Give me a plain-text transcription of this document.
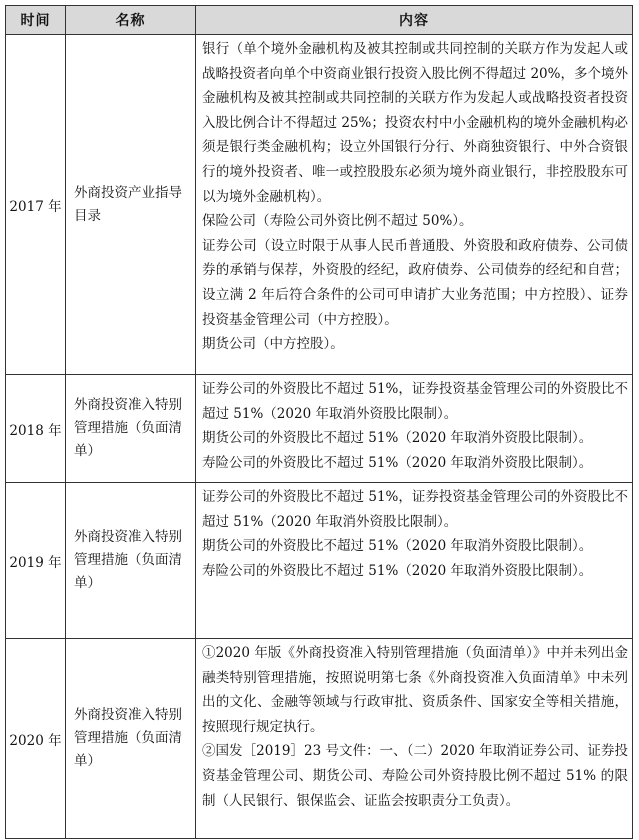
时间	名称	内容
2017 年	外商投资产业指导目录	银行（单个境外金融机构及被其控制或共同控制的关联方作为发起人或战略投资者向单个中资商业银行投资入股比例不得超过 20%，多个境外金融机构及被其控制或共同控制的关联方作为发起人或战略投资者投资入股比例合计不得超过 25%；投资农村中小金融机构的境外金融机构必须是银行类金融机构；设立外国银行分行、外商独资银行、中外合资银行的境外投资者、唯一或控股股东必须为境外商业银行，非控股股东可以为境外金融机构）。

保险公司（寿险公司外资比例不超过 50%）。

证券公司（设立时限于从事人民币普通股、外资股和政府债券、公司债券的承销与保荐，外资股的经纪，政府债券、公司债券的经纪和自营；设立满 2 年后符合条件的公司可申请扩大业务范围；中方控股）、证券投资基金管理公司（中方控股）。

期货公司（中方控股）。

2018 年	外商投资准入特别管理措施（负面清单）	证券公司的外资股比不超过 51%，证券投资基金管理公司的外资股比不超过 51%（2020 年取消外资股比限制）。

期货公司的外资股比不超过 51%（2020 年取消外资股比限制）。

寿险公司的外资股比不超过 51%（2020 年取消外资股比限制）。

2019 年	外商投资准入特别管理措施（负面清单）	证券公司的外资股比不超过 51%，证券投资基金管理公司的外资股比不超过 51%（2020 年取消外资股比限制）。

期货公司的外资股比不超过 51%（2020 年取消外资股比限制）。

寿险公司的外资股比不超过 51%（2020 年取消外资股比限制）。

2020 年	外商投资准入特别管理措施（负面清单）	①2020 年版《外商投资准入特别管理措施（负面清单）》中并未列出金融类特别管理措施，按照说明第七条《外商投资准入负面清单》中未列出的文化、金融等领域与行政审批、资质条件、国家安全等相关措施，按照现行规定执行。

②国发［2019］23 号文件：一、（二）2020 年取消证券公司、证券投资基金管理公司、期货公司、寿险公司外资持股比例不超过 51% 的限制（人民银行、银保监会、证监会按职责分工负责）。
